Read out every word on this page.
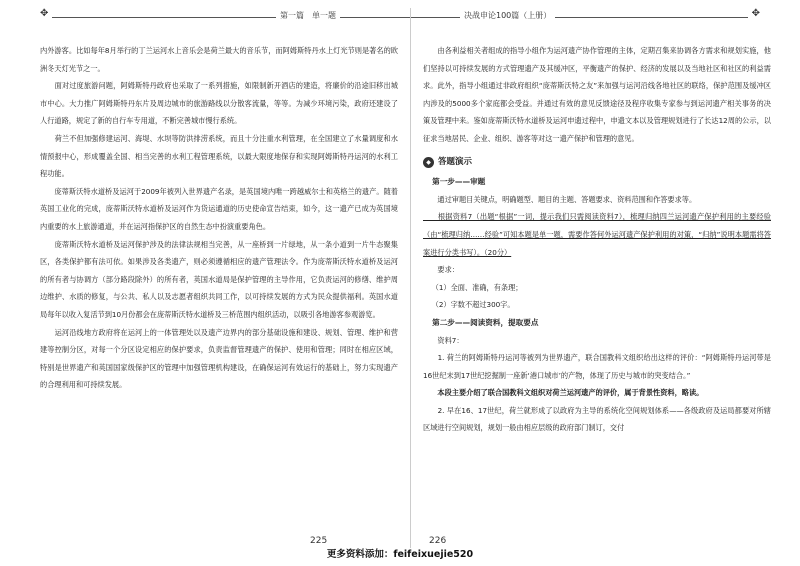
✥	第一篇　单一题	决战申论100篇（上册）	✥

内外游客。比如每年8月举行的丁兰运河水上音乐会是荷兰最大的音乐节，而阿姆斯特丹水上灯光节则是著名的欧洲冬天灯光节之一。

　　面对过度旅游问题，阿姆斯特丹政府也采取了一系列措施，如限制新开酒店的建造，将廉价的沿途旧移出城市中心。大力推广阿姆斯特丹东片及周边城市的旅游路线以分散客流量，等等。为减少环境污染，政府还建设了人行道路，规定了新的自行车专用道，不断完善城市慢行系统。

　　荷兰不但加强修建运河、海堤、水坝等防洪排涝系统，而且十分注重水利管理，在全国建立了水量调度和水情预报中心，形成覆盖全国、相当完善的水利工程管理系统，以最大限度地保存和实现阿姆斯特丹运河的水利工程功能。

　　庞蒂斯沃特水道桥及运河于2009年被列入世界遗产名录，是英国境内唯一跨越威尔士和英格兰的遗产。随着英国工业化的完成，庞蒂斯沃特水道桥及运河作为货运通道的历史使命宣告结束，如今，这一遗产已成为英国境内重要的水上旅游通道，并在运河指保护区的自然生态中扮演重要角色。

　　庞蒂斯沃特水道桥及运河保护涉及的法律法规相当完善，从一座桥到一片绿地，从一条小道到一片牛态聚集区，各类保护都有法可依。如果涉及各类遗产，则必须遵循相应的遗产管理法令。作为庞蒂斯沃特水道桥及运河的所有者与协调方（部分路段除外）的所有者，英国水道局是保护管理的主导作用，它负责运河的修缮、维护周边维护、水质的修复，与公共、私人以及志愿者组织共同工作，以可持续发展的方式为民众提供福利。英国水道局每年以收入复活节到10月份都会在庞蒂斯沃特水道桥及三桥范围内组织活动，以吸引各地游客参观游览。

　　运河沿线地方政府将在运河上的一体管理处以及遗产边界内的部分基础设施和建设、规划、管理、维护和营建等控制分区，对每一个分区设定相应的保护要求，负责监督管理遗产的保护、使用和管理；同时在相应区域，特别是世界遗产和英国国家级保护区的管理中加强管理机构建设，在确保运河有效运行的基础上，努力实现遗产的合理利用和可持续发展。

225

　　由各利益相关者组成的指导小组作为运河遗产协作管理的主体，定期召集来协调各方需求和规划实施，他们坚持以可持续发展的方式管理遗产及其缓冲区，平衡遗产的保护、经济的发展以及当地社区和社区的利益需求。此外，指导小组通过非政府组织“庞蒂斯沃特之友”来加强与运河沿线各地社区的联络，保护范围及缓冲区内涉及的5000多个家庭都会受益。并通过有效的意见反馈途径及程序收集专家参与到运河遗产相关事务的决策及管理中来。鉴如庞蒂斯沃特水道桥及运河申遗过程中，申遗文本以及管理规划进行了长达12周的公示，以征求当地居民、企业、组织、游客等对这一遗产保护和管理的意见。

◆ 答题演示

第一步——审题

　　通过审题目关键点，明确题型、题目的主题、答题要求、资料范围和作答要求等。

　　根据资料7（出题“根据”一词，提示我们只需阅读资料7），梳理归纳四兰运河遗产保护利用的主要经验（由“梳理归纳……经验”可知本题是单一题，需要作答何外运河遗产保护利用的对策，“归纳”说明本题需将答案进行分类书写）。（20分）

　　要求：

（1）全面、准确，有条理；

（2）字数不超过300字。

第二步——阅读资料，提取要点

　　资料7：

　　1. 荷兰的阿姆斯特丹运河等被列为世界遗产，联合国教科文组织给出这样的评价：“阿姆斯特丹运河带是16世纪末到17世纪挖掘制一座新‘港口城市’的产物，体现了历史与城市的突变结合。”

　　本段主要介绍了联合国教科文组织对荷兰运河遗产的评价，属于背景性资料，略读。

　　2. 早在16、17世纪，荷兰就形成了以政府为主导的系统化空间规划体系——各级政府及运局都要对所辖区域进行空间规划，规划一般由相应层级的政府部门制订，交付

226
更多资料添加：feifeixuejie520
